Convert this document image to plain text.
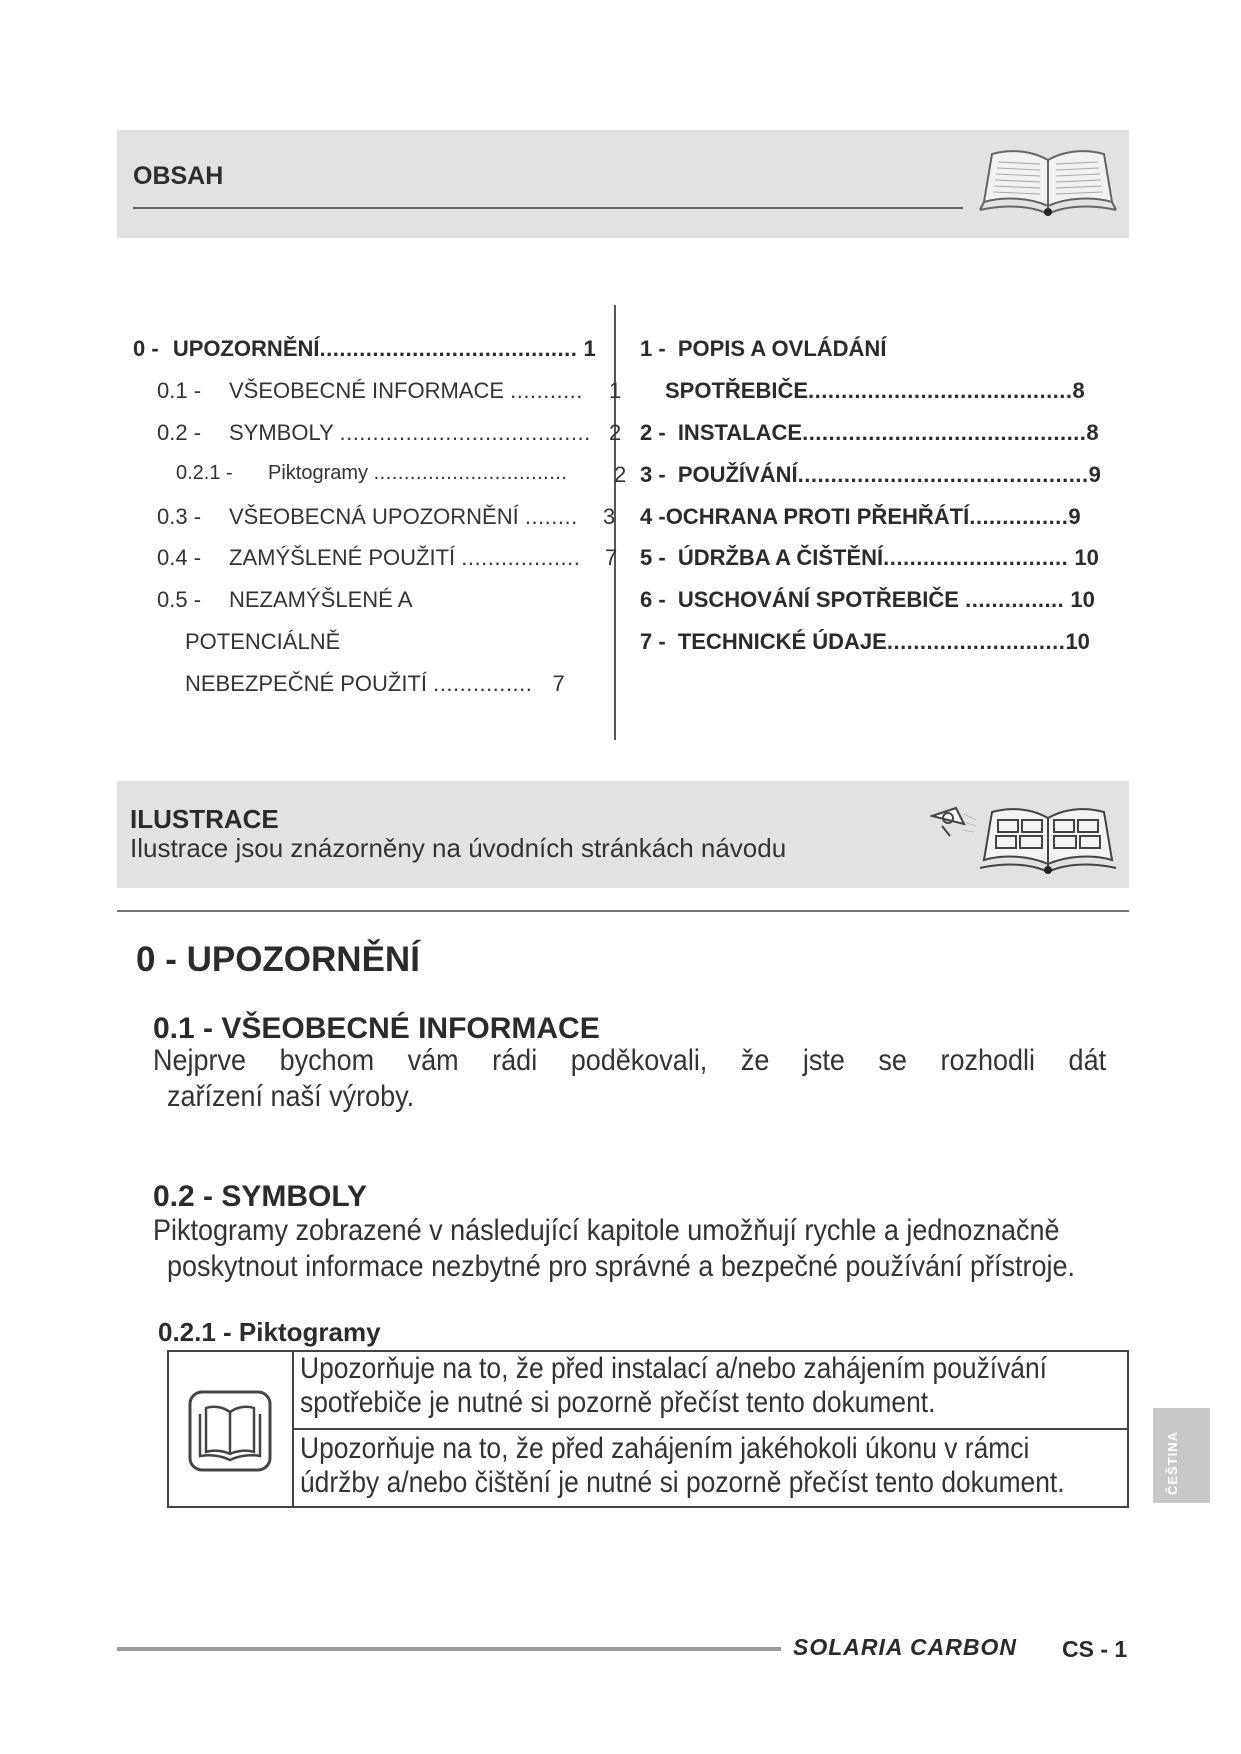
OBSAH
0 - UPOZORNĚNÍ....................................... 1
0.1 - VŠEOBECNÉ INFORMACE ........... 1
0.2 - SYMBOLY ...................................... 2
0.2.1 - Piktogramy ................................ 2
0.3 - VŠEOBECNÁ UPOZORNĚNÍ ........ 3
0.4 - ZAMÝŠLENÉ POUŽITÍ .................. 7
0.5 - NEZAMÝŠLENÉ A
POTENCIÁLNĚ
NEBEZPEČNÉ POUŽITÍ ............... 7
1 - POPIS A OVLÁDÁNÍ
SPOTŘEBIČE........................................8
2 - INSTALACE...........................................8
3 - POUŽÍVÁNÍ............................................9
4 -OCHRANA PROTI PŘEHŘÁTÍ...............9
5 - ÚDRŽBA A ČIŠTĚNÍ............................ 10
6 - USCHOVÁNÍ SPOTŘEBIČE ............... 10
7 - TECHNICKÉ ÚDAJE...........................10
ILUSTRACE
Ilustrace jsou znázorněny na úvodních stránkách návodu
0 - UPOZORNĚNÍ
0.1 - VŠEOBECNÉ INFORMACE
Nejprve bychom vám rádi poděkovali, že jste se rozhodli dát
zařízení naší výroby.
0.2 - SYMBOLY
Piktogramy zobrazené v následující kapitole umožňují rychle a jednoznačně
poskytnout informace nezbytné pro správné a bezpečné používání přístroje.
0.2.1 - Piktogramy
Upozorňuje na to, že před instalací a/nebo zahájením používání
spotřebiče je nutné si pozorně přečíst tento dokument.
Upozorňuje na to, že před zahájením jakéhokoli úkonu v rámci
údržby a/nebo čištění je nutné si pozorně přečíst tento dokument.	ČEŠTINA
SOLARIA CARBON CS - 1
